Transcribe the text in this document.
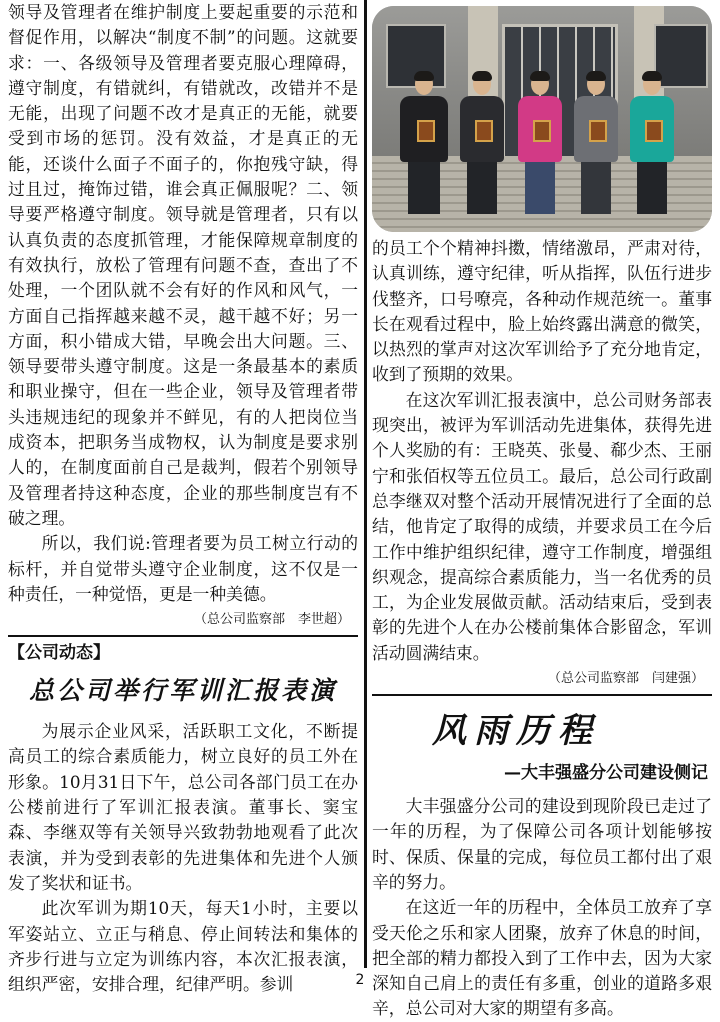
领导及管理者在维护制度上要起重要的示范和督促作用，以解决“制度不制”的问题。这就要求：一、各级领导及管理者要克服心理障碍，遵守制度，有错就纠，有错就改，改错并不是无能，出现了问题不改才是真正的无能，就要受到市场的惩罚。没有效益，才是真正的无能，还谈什么面子不面子的，你抱残守缺，得过且过，掩饰过错，谁会真正佩服呢？二、领导要严格遵守制度。领导就是管理者，只有以认真负责的态度抓管理，才能保障规章制度的有效执行，放松了管理有问题不查，查出了不处理，一个团队就不会有好的作风和风气，一方面自己指挥越来越不灵，越干越不好；另一方面，积小错成大错，早晚会出大问题。三、领导要带头遵守制度。这是一条最基本的素质和职业操守，但在一些企业，领导及管理者带头违规违纪的现象并不鲜见，有的人把岗位当成资本，把职务当成物权，认为制度是要求别人的，在制度面前自己是裁判，假若个别领导及管理者持这种态度，企业的那些制度岂有不破之理。

所以，我们说:管理者要为员工树立行动的标杆，并自觉带头遵守企业制度，这不仅是一种责任，一种觉悟，更是一种美德。

（总公司监察部　李世超）

【公司动态】
总公司举行军训汇报表演

为展示企业风采，活跃职工文化，不断提高员工的综合素质能力，树立良好的员工外在形象。10月31日下午，总公司各部门员工在办公楼前进行了军训汇报表演。董事长、窦宝森、李继双等有关领导兴致勃勃地观看了此次表演，并为受到表彰的先进集体和先进个人颁发了奖状和证书。

此次军训为期10天，每天1小时，主要以军姿站立、立正与稍息、停止间转法和集体的齐步行进与立定为训练内容，本次汇报表演，组织严密，安排合理，纪律严明。参训

的员工个个精神抖擞，情绪激昂，严肃对待，认真训练，遵守纪律，听从指挥，队伍行进步伐整齐，口号嘹亮，各种动作规范统一。董事长在观看过程中，脸上始终露出满意的微笑，以热烈的掌声对这次军训给予了充分地肯定，收到了预期的效果。

在这次军训汇报表演中，总公司财务部表现突出，被评为军训活动先进集体，获得先进个人奖励的有：王晓英、张曼、郗少杰、王丽宁和张佰权等五位员工。最后，总公司行政副总李继双对整个活动开展情况进行了全面的总结，他肯定了取得的成绩，并要求员工在今后工作中维护组织纪律，遵守工作制度，增强组织观念，提高综合素质能力，当一名优秀的员工，为企业发展做贡献。活动结束后，受到表彰的先进个人在办公楼前集体合影留念，军训活动圆满结束。

（总公司监察部　闫建强）

风雨历程
—大丰强盛分公司建设侧记

大丰强盛分公司的建设到现阶段已走过了一年的历程，为了保障公司各项计划能够按时、保质、保量的完成，每位员工都付出了艰辛的努力。

在这近一年的历程中，全体员工放弃了享受天伦之乐和家人团聚，放弃了休息的时间，把全部的精力都投入到了工作中去，因为大家深知自己肩上的责任有多重，创业的道路多艰辛，总公司对大家的期望有多高。

2
